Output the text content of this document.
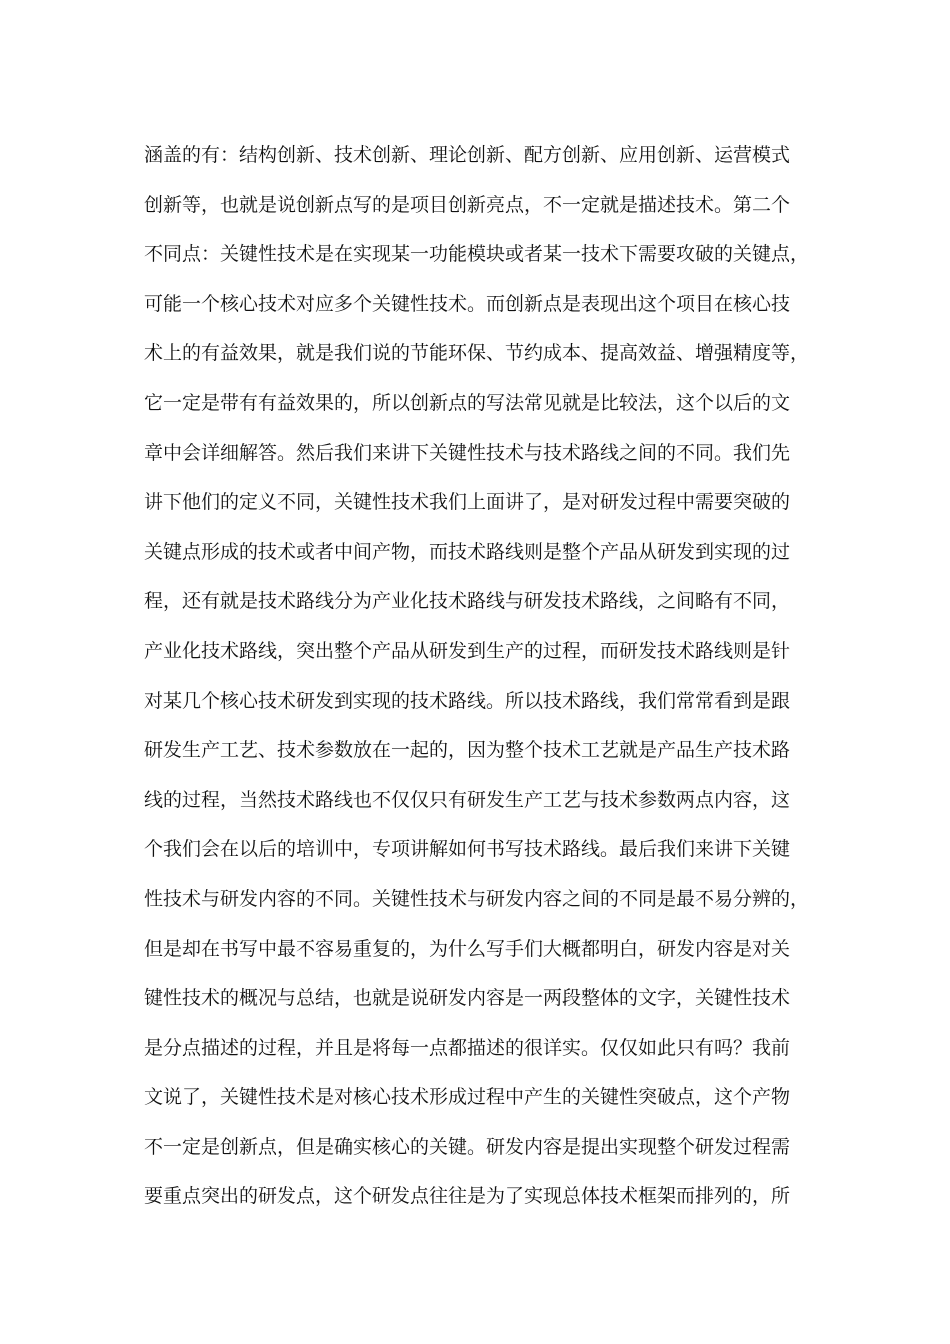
涵盖的有：结构创新、技术创新、理论创新、配方创新、应用创新、运营模式
创新等，也就是说创新点写的是项目创新亮点，不一定就是描述技术。第二个
不同点：关键性技术是在实现某一功能模块或者某一技术下需要攻破的关键点，
可能一个核心技术对应多个关键性技术。而创新点是表现出这个项目在核心技
术上的有益效果，就是我们说的节能环保、节约成本、提高效益、增强精度等，
它一定是带有有益效果的，所以创新点的写法常见就是比较法，这个以后的文
章中会详细解答。然后我们来讲下关键性技术与技术路线之间的不同。我们先
讲下他们的定义不同，关键性技术我们上面讲了，是对研发过程中需要突破的
关键点形成的技术或者中间产物，而技术路线则是整个产品从研发到实现的过
程，还有就是技术路线分为产业化技术路线与研发技术路线，之间略有不同，
产业化技术路线，突出整个产品从研发到生产的过程，而研发技术路线则是针
对某几个核心技术研发到实现的技术路线。所以技术路线，我们常常看到是跟
研发生产工艺、技术参数放在一起的，因为整个技术工艺就是产品生产技术路
线的过程，当然技术路线也不仅仅只有研发生产工艺与技术参数两点内容，这
个我们会在以后的培训中，专项讲解如何书写技术路线。最后我们来讲下关键
性技术与研发内容的不同。关键性技术与研发内容之间的不同是最不易分辨的，
但是却在书写中最不容易重复的，为什么写手们大概都明白，研发内容是对关
键性技术的概况与总结，也就是说研发内容是一两段整体的文字，关键性技术
是分点描述的过程，并且是将每一点都描述的很详实。仅仅如此只有吗？我前
文说了，关键性技术是对核心技术形成过程中产生的关键性突破点，这个产物
不一定是创新点，但是确实核心的关键。研发内容是提出实现整个研发过程需
要重点突出的研发点，这个研发点往往是为了实现总体技术框架而排列的，所
